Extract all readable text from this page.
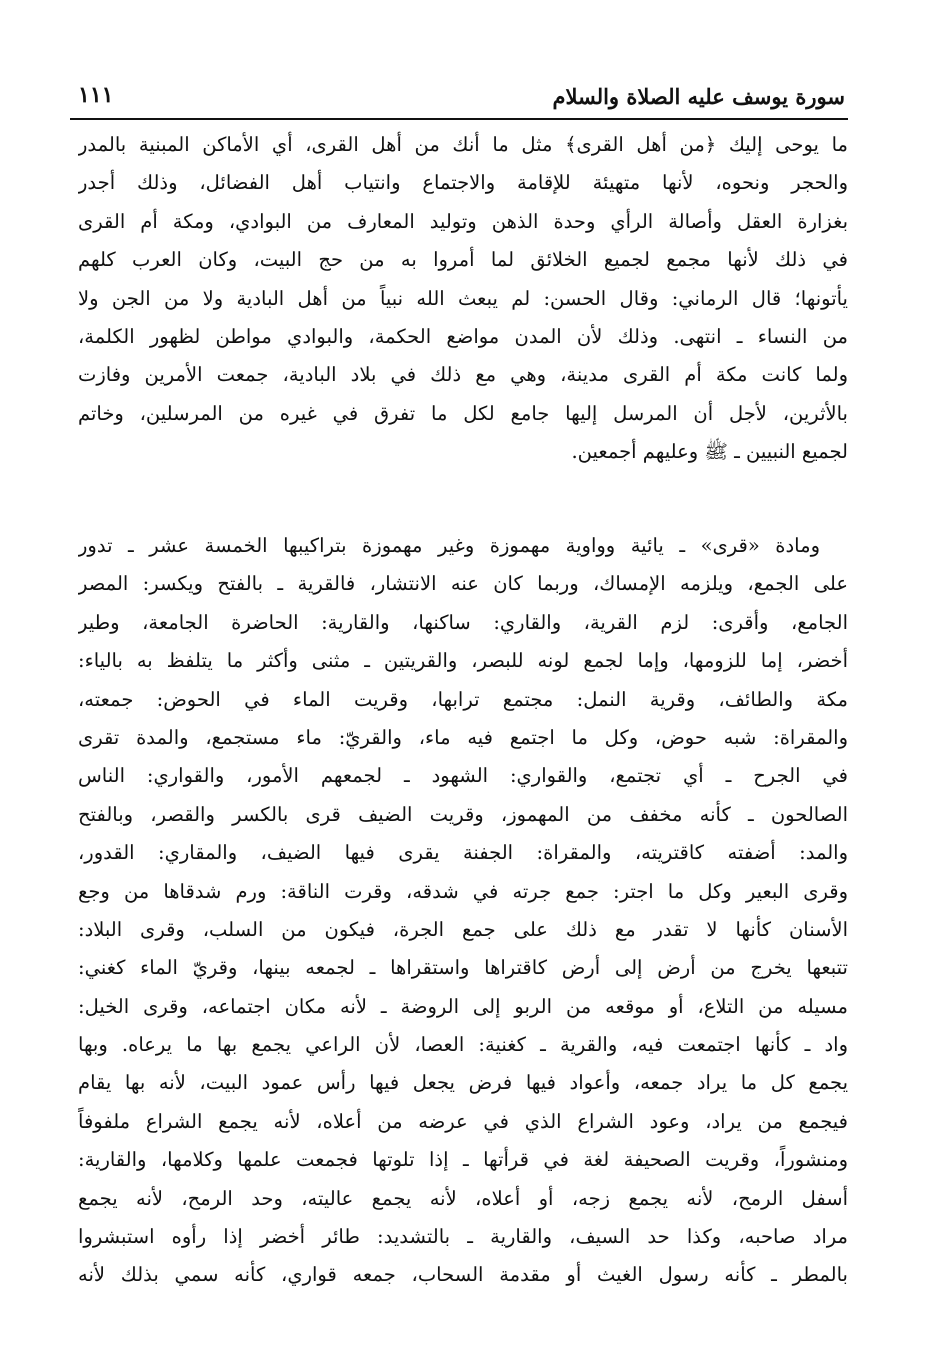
سورة يوسف عليه الصلاة والسلام
١١١
ما يوحى إليك ﴿من أهل القرى﴾ مثل ما أنك من أهل القرى، أي الأماكن المبنية بالمدر
والحجر ونحوه، لأنها متهيئة للإقامة والاجتماع وانتياب أهل الفضائل، وذلك أجدر
بغزارة العقل وأصالة الرأي وحدة الذهن وتوليد المعارف من البوادي، ومكة أم القرى
في ذلك لأنها مجمع لجميع الخلائق لما أمروا به من حج البيت، وكان العرب كلهم
يأتونها؛ قال الرماني: وقال الحسن: لم يبعث الله نبياً من أهل البادية ولا من الجن ولا
من النساء ـ انتهى. وذلك لأن المدن مواضع الحكمة، والبوادي مواطن لظهور الكلمة،
ولما كانت مكة أم القرى مدينة، وهي مع ذلك في بلاد البادية، جمعت الأمرين وفازت
بالأثرين، لأجل أن المرسل إليها جامع لكل ما تفرق في غيره من المرسلين، وخاتم
لجميع النبيين ـ ﷺ وعليهم أجمعين.
ومادة «قرى» ـ يائية وواوية مهموزة وغير مهموزة بتراكيبها الخمسة عشر ـ تدور
على الجمع، ويلزمه الإمساك، وربما كان عنه الانتشار، فالقرية ـ بالفتح ويكسر: المصر
الجامع، وأقرى: لزم القرية، والقاري: ساكنها، والقارية: الحاضرة الجامعة، وطير
أخضر، إما للزومها، وإما لجمع لونه للبصر، والقريتين ـ مثنى وأكثر ما يتلفظ به بالياء:
مكة والطائف، وقرية النمل: مجتمع ترابها، وقريت الماء في الحوض: جمعته،
والمقراة: شبه حوض، وكل ما اجتمع فيه ماء، والقريّ: ماء مستجمع، والمدة تقرى
في الجرح ـ أي تجتمع، والقواري: الشهود ـ لجمعهم الأمور، والقواري: الناس
الصالحون ـ كأنه مخفف من المهموز، وقريت الضيف قرى بالكسر والقصر، وبالفتح
والمد: أضفته كاقتريته، والمقراة: الجفنة يقرى فيها الضيف، والمقاري: القدور،
وقرى البعير وكل ما اجتر: جمع جرته في شدقه، وقرت الناقة: ورم شدقاها من وجع
الأسنان كأنها لا تقدر مع ذلك على جمع الجرة، فيكون من السلب، وقرى البلاد:
تتبعها يخرج من أرض إلى أرض كاقتراها واستقراها ـ لجمعه بينها، وقريّ الماء كغني:
مسيله من التلاع، أو موقعه من الربو إلى الروضة ـ لأنه مكان اجتماعه، وقرى الخيل:
واد ـ كأنها اجتمعت فيه، والقرية ـ كغنية: العصا، لأن الراعي يجمع بها ما يرعاه. وبها
يجمع كل ما يراد جمعه، وأعواد فيها فرض يجعل فيها رأس عمود البيت، لأنه بها يقام
فيجمع من يراد، وعود الشراع الذي في عرضه من أعلاه، لأنه يجمع الشراع ملفوفاً
ومنشوراً، وقريت الصحيفة لغة في قرأتها ـ إذا تلوتها فجمعت علمها وكلامها، والقارية:
أسفل الرمح، لأنه يجمع زجه، أو أعلاه، لأنه يجمع عاليته، وحد الرمح، لأنه يجمع
مراد صاحبه، وكذا حد السيف، والقارية ـ بالتشديد: طائر أخضر إذا رأوه استبشروا
بالمطر ـ كأنه رسول الغيث أو مقدمة السحاب، جمعه قواري، كأنه سمي بذلك لأنه
